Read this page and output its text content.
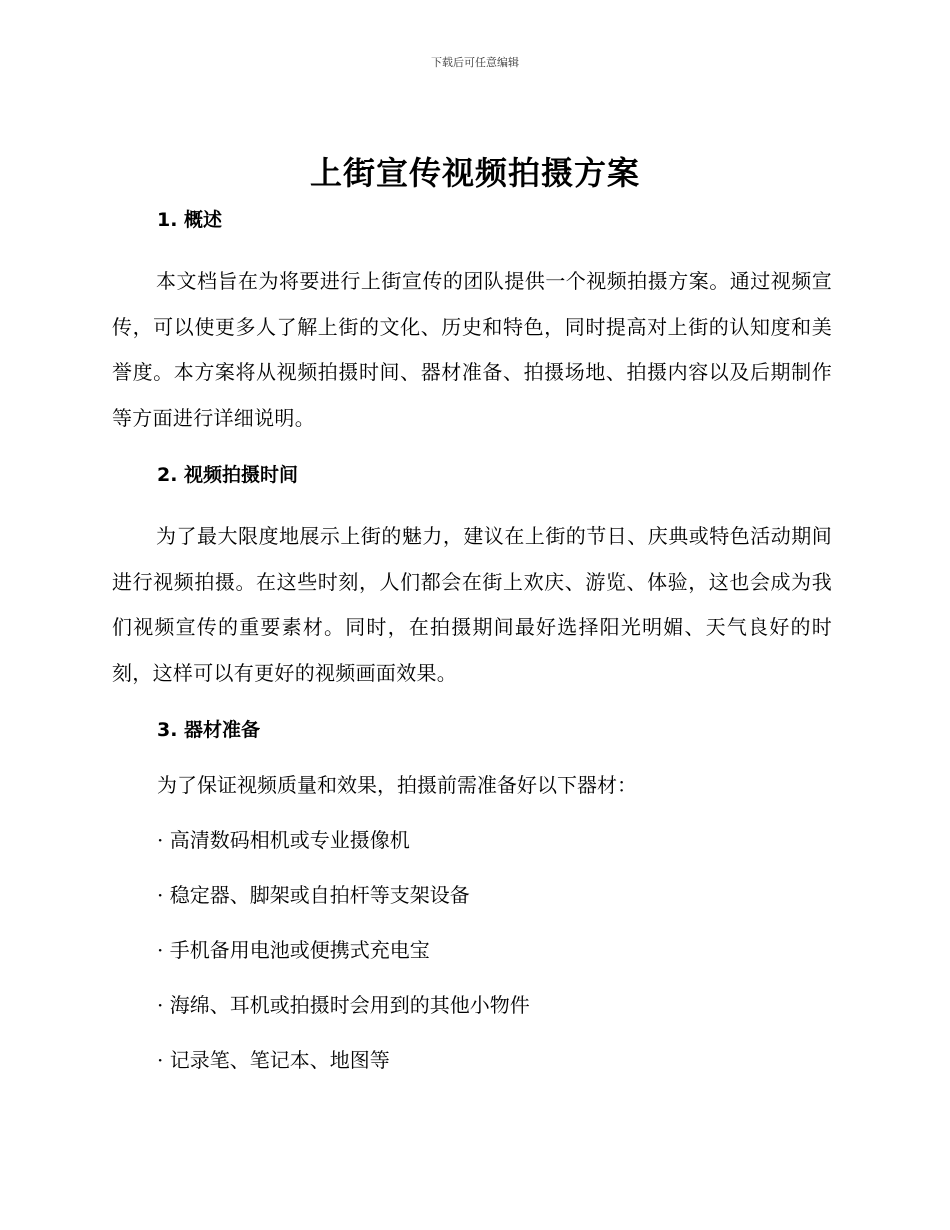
下载后可任意编辑
上街宣传视频拍摄方案
1. 概述

本文档旨在为将要进行上街宣传的团队提供一个视频拍摄方案。通过视频宣传，可以使更多人了解上街的文化、历史和特色，同时提高对上街的认知度和美誉度。本方案将从视频拍摄时间、器材准备、拍摄场地、拍摄内容以及后期制作等方面进行详细说明。

2. 视频拍摄时间

为了最大限度地展示上街的魅力，建议在上街的节日、庆典或特色活动期间进行视频拍摄。在这些时刻，人们都会在街上欢庆、游览、体验，这也会成为我们视频宣传的重要素材。同时，在拍摄期间最好选择阳光明媚、天气良好的时刻，这样可以有更好的视频画面效果。

3. 器材准备

为了保证视频质量和效果，拍摄前需准备好以下器材：

· 高清数码相机或专业摄像机

· 稳定器、脚架或自拍杆等支架设备

· 手机备用电池或便携式充电宝

· 海绵、耳机或拍摄时会用到的其他小物件

· 记录笔、笔记本、地图等
